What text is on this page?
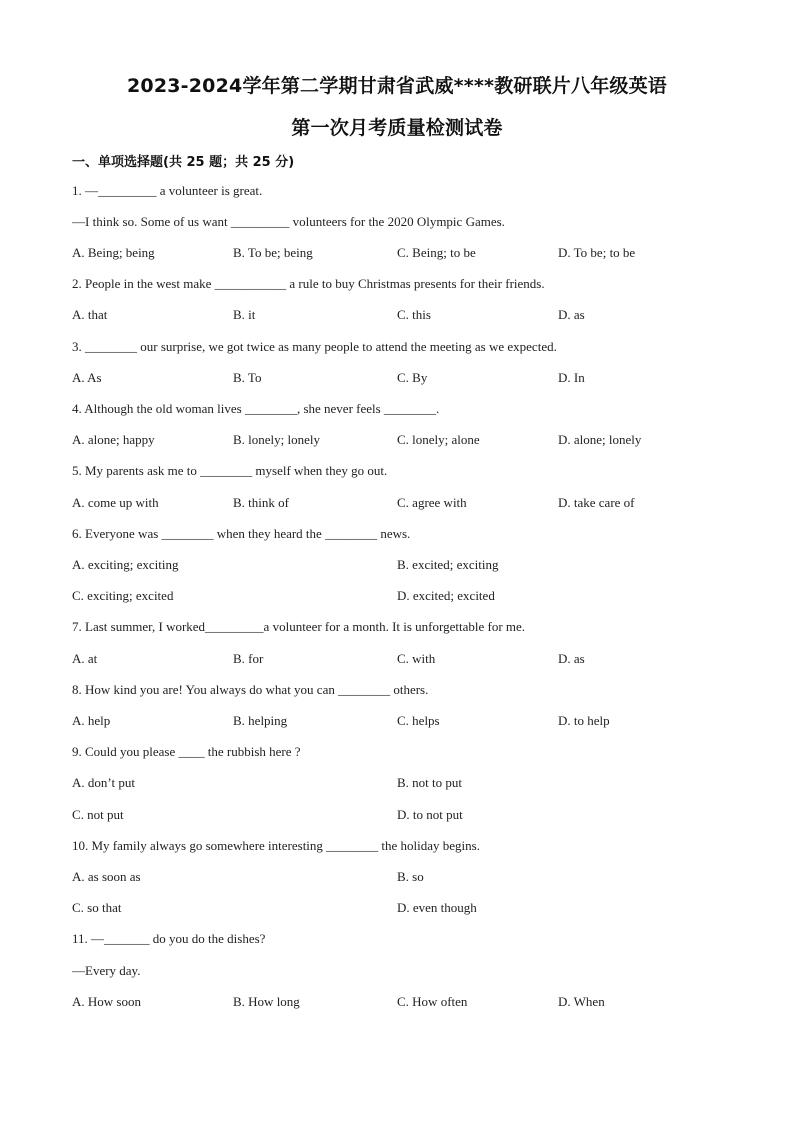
2023-2024学年第二学期甘肃省武威****教研联片八年级英语
第一次月考质量检测试卷
一、单项选择题(共 25 题；共 25 分)
1. —_________ a volunteer is great.
—I think so. Some of us want _________ volunteers for the 2020 Olympic Games.
A. Being; being	B. To be; being	C. Being; to be	D. To be; to be
2. People in the west make ___________ a rule to buy Christmas presents for their friends.
A. that	B. it	C. this	D. as
3. ________ our surprise, we got twice as many people to attend the meeting as we expected.
A. As	B. To	C. By	D. In
4. Although the old woman lives ________, she never feels ________.
A. alone; happy	B. lonely; lonely	C. lonely; alone	D. alone; lonely
5. My parents ask me to ________ myself when they go out.
A. come up with	B. think of	C. agree with	D. take care of
6. Everyone was ________ when they heard the ________ news.
A. exciting; exciting	B. excited; exciting
C. exciting; excited	D. excited; excited
7. Last summer, I worked_________a volunteer for a month. It is unforgettable for me.
A. at	B. for	C. with	D. as
8. How kind you are! You always do what you can ________ others.
A. help	B. helping	C. helps	D. to help
9. Could you please ____ the rubbish here ?
A. don’t put	B. not to put
C. not put	D. to not put
10. My family always go somewhere interesting ________ the holiday begins.
A. as soon as	B. so
C. so that	D. even though
11. —_______ do you do the dishes?
—Every day.
A. How soon	B. How long	C. How often	D. When
